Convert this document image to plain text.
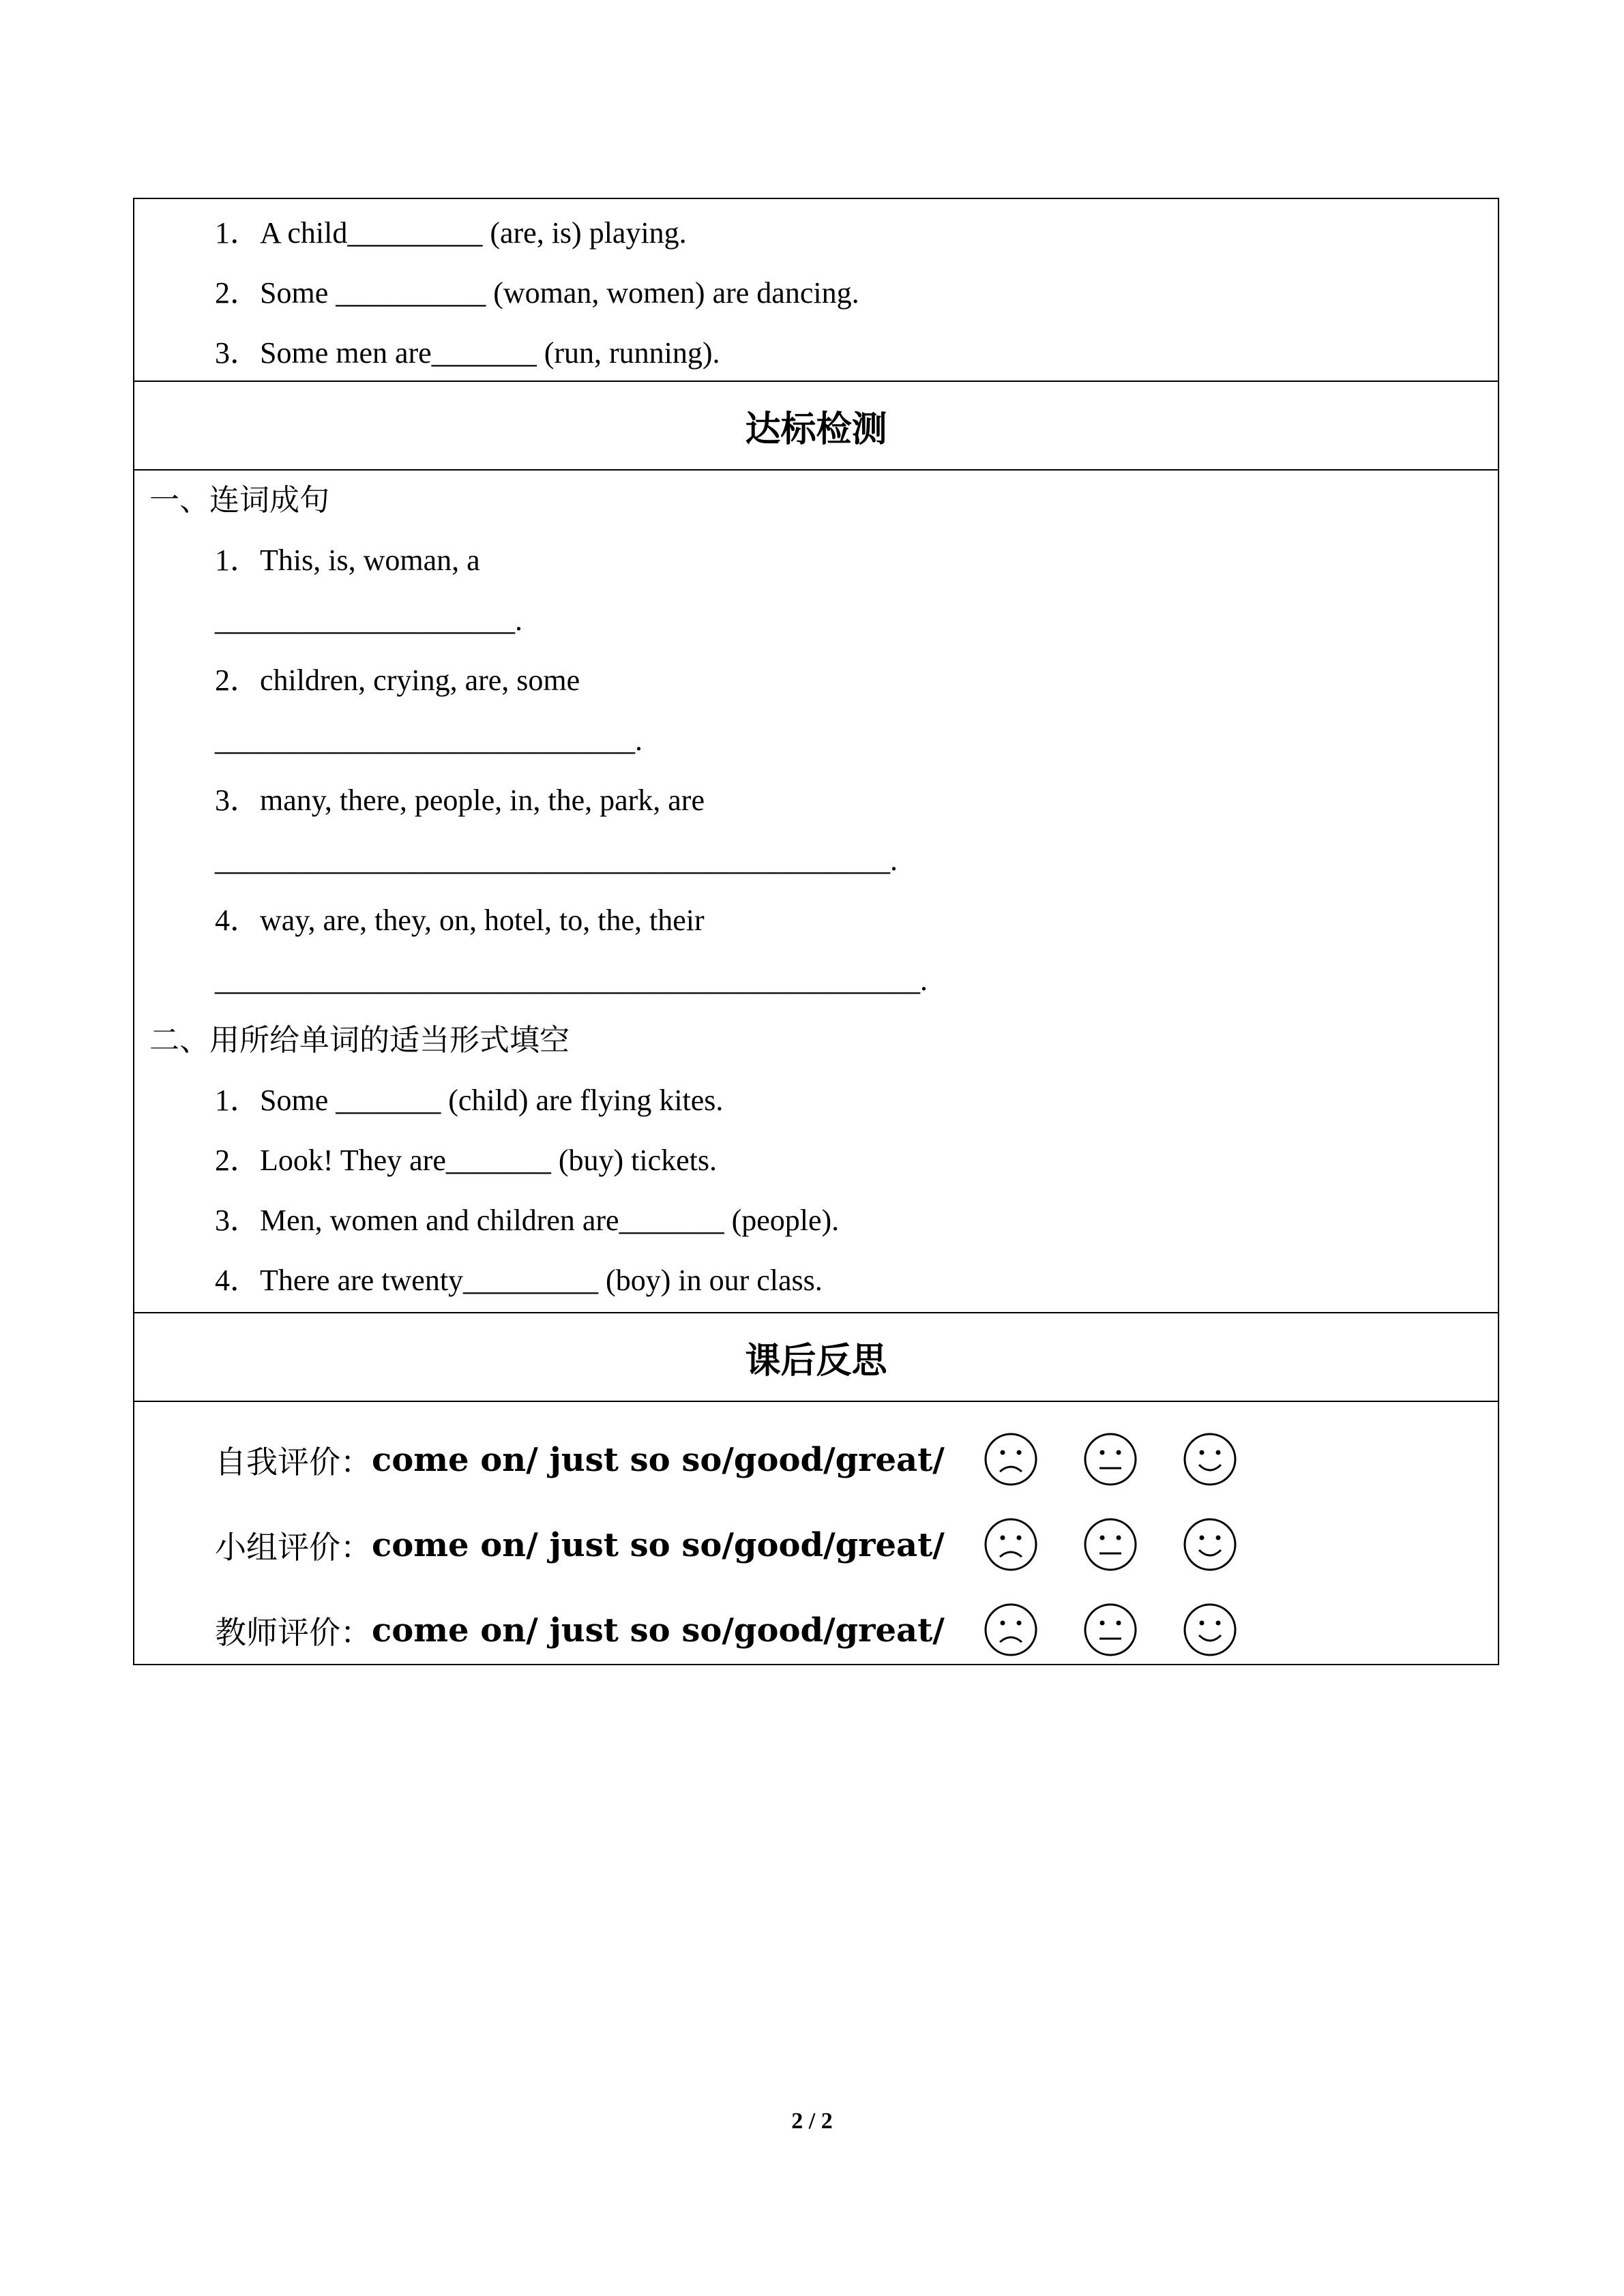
1．A child_________ (are, is) playing.
2．Some __________ (woman, women) are dancing.
3．Some men are_______ (run, running).
达标检测
一、连词成句
1．This, is, woman, a
____________________.
2．children, crying, are, some
____________________________.
3．many, there, people, in, the, park, are
_____________________________________________.
4．way, are, they, on, hotel, to, the, their
_______________________________________________.
二、用所给单词的适当形式填空
1．Some _______ (child) are flying kites.
2．Look! They are_______ (buy) tickets.
3．Men, women and children are_______ (people).
4．There are twenty_________ (boy) in our class.
课后反思
自我评价： come on/ just so so/good/great/
小组评价： come on/ just so so/good/great/
教师评价： come on/ just so so/good/great/
2 / 2
